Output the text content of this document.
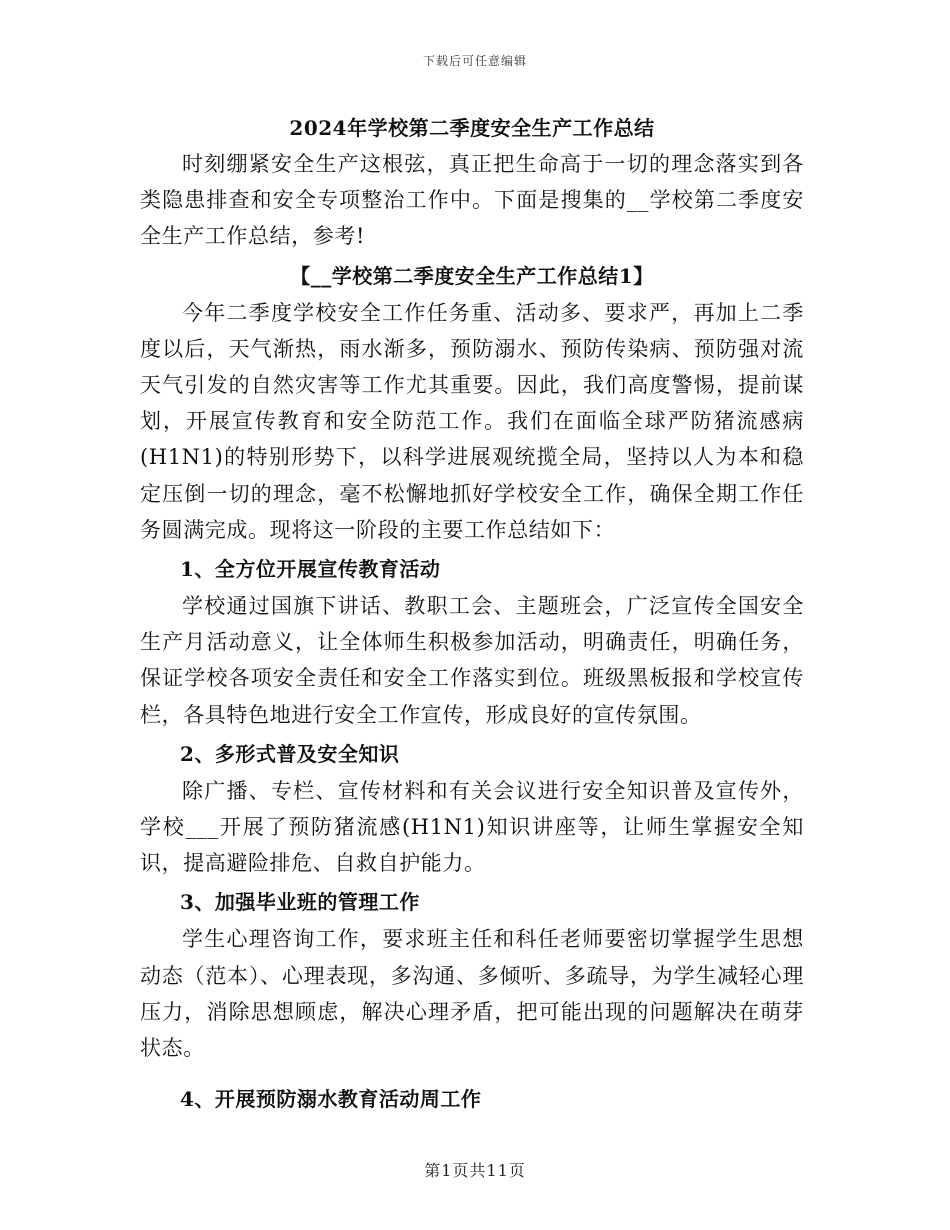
下载后可任意编辑
2024年学校第二季度安全生产工作总结

时刻绷紧安全生产这根弦，真正把生命高于一切的理念落实到各类隐患排查和安全专项整治工作中。下面是搜集的__学校第二季度安全生产工作总结，参考!

【__学校第二季度安全生产工作总结1】

今年二季度学校安全工作任务重、活动多、要求严，再加上二季度以后，天气渐热，雨水渐多，预防溺水、预防传染病、预防强对流天气引发的自然灾害等工作尤其重要。因此，我们高度警惕，提前谋划，开展宣传教育和安全防范工作。我们在面临全球严防猪流感病(H1N1)的特别形势下，以科学进展观统揽全局，坚持以人为本和稳定压倒一切的理念，毫不松懈地抓好学校安全工作，确保全期工作任务圆满完成。现将这一阶段的主要工作总结如下：

1、全方位开展宣传教育活动

学校通过国旗下讲话、教职工会、主题班会，广泛宣传全国安全生产月活动意义，让全体师生积极参加活动，明确责任，明确任务，保证学校各项安全责任和安全工作落实到位。班级黑板报和学校宣传栏，各具特色地进行安全工作宣传，形成良好的宣传氛围。

2、多形式普及安全知识

除广播、专栏、宣传材料和有关会议进行安全知识普及宣传外，学校___开展了预防猪流感(H1N1)知识讲座等，让师生掌握安全知识，提高避险排危、自救自护能力。

3、加强毕业班的管理工作

学生心理咨询工作，要求班主任和科任老师要密切掌握学生思想动态（范本）、心理表现，多沟通、多倾听、多疏导，为学生减轻心理压力，消除思想顾虑，解决心理矛盾，把可能出现的问题解决在萌芽状态。

4、开展预防溺水教育活动周工作
第1页共11页
